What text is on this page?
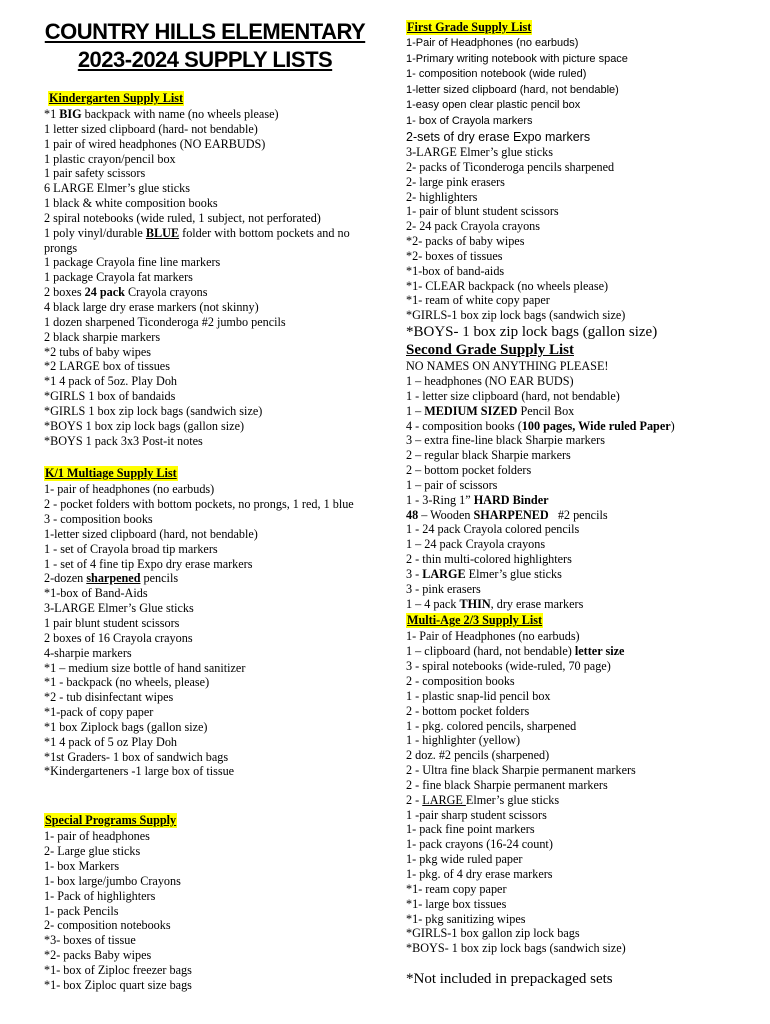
COUNTRY HILLS ELEMENTARY
2023-2024 SUPPLY LISTS
Kindergarten Supply List
*1 BIG backpack with name (no wheels please)
1 letter sized clipboard (hard- not bendable)
1 pair of wired headphones (NO EARBUDS)
1 plastic crayon/pencil box
1 pair safety scissors
6 LARGE Elmer’s glue sticks
1 black & white composition books
2 spiral notebooks (wide ruled, 1 subject, not perforated)
1 poly vinyl/durable BLUE folder with bottom pockets and no prongs
1 package Crayola fine line markers
1 package Crayola fat markers
2 boxes 24 pack Crayola crayons
4 black large dry erase markers (not skinny)
1 dozen sharpened Ticonderoga #2 jumbo pencils
2 black sharpie markers
*2 tubs of baby wipes
*2 LARGE box of tissues
*1 4 pack of 5oz. Play Doh
*GIRLS 1 box of bandaids
*GIRLS 1 box zip lock bags (sandwich size)
*BOYS 1 box zip lock bags (gallon size)
*BOYS 1 pack 3x3 Post-it notes
K/1 Multiage Supply List
1- pair of headphones (no earbuds)
2 - pocket folders with bottom pockets, no prongs, 1 red, 1 blue
3 - composition books
1-letter sized clipboard (hard, not bendable)
1 - set of Crayola broad tip markers
1 - set of 4 fine tip Expo dry erase markers
2-dozen sharpened pencils
*1-box of Band-Aids
3-LARGE Elmer’s Glue sticks
1 pair blunt student scissors
2 boxes of 16 Crayola crayons
4-sharpie markers
*1 – medium size bottle of hand sanitizer
*1 - backpack (no wheels, please)
*2 - tub disinfectant wipes
*1-pack of copy paper
*1 box Ziplock bags (gallon size)
*1 4 pack of 5 oz Play Doh
*1st Graders- 1 box of sandwich bags
*Kindergarteners -1 large box of tissue
Special Programs Supply
1- pair of headphones
2- Large glue sticks
1- box Markers
1- box large/jumbo Crayons
1- Pack of highlighters
1- pack Pencils
2- composition notebooks
*3- boxes of tissue
*2- packs Baby wipes
*1- box of Ziploc freezer bags
*1- box Ziploc quart size bags
First Grade Supply List
1-Pair of Headphones (no earbuds)
1-Primary writing notebook with picture space
1- composition notebook (wide ruled)
1-letter sized clipboard (hard, not bendable)
1-easy open clear plastic pencil box
1- box of Crayola markers
2-sets of dry erase Expo markers
3-LARGE Elmer’s glue sticks
2- packs of Ticonderoga pencils sharpened
2- large pink erasers
2- highlighters
1- pair of blunt student scissors
2- 24 pack Crayola crayons
*2- packs of baby wipes
*2- boxes of tissues
*1-box of band-aids
*1- CLEAR backpack (no wheels please)
*1- ream of white copy paper
*GIRLS-1 box zip lock bags (sandwich size)
*BOYS- 1 box zip lock bags (gallon size)
Second Grade Supply List
NO NAMES ON ANYTHING PLEASE!
1 – headphones (NO EAR BUDS)
1 - letter size clipboard (hard, not bendable)
1 – MEDIUM SIZED Pencil Box
4 - composition books (100 pages, Wide ruled Paper)
3 – extra fine-line black Sharpie markers
2 – regular black Sharpie markers
2 – bottom pocket folders
1 – pair of scissors
1 - 3-Ring 1” HARD Binder
48 – Wooden SHARPENED   #2 pencils
1 - 24 pack Crayola colored pencils
1 – 24 pack Crayola crayons
2 - thin multi-colored highlighters
3 - LARGE Elmer’s glue sticks
3 - pink erasers
1 – 4 pack THIN, dry erase markers
Multi-Age 2/3 Supply List
1- Pair of Headphones (no earbuds)
1 – clipboard (hard, not bendable) letter size
3 - spiral notebooks (wide-ruled, 70 page)
2 - composition books
1 - plastic snap-lid pencil box
2 - bottom pocket folders
1 - pkg. colored pencils, sharpened
1 - highlighter (yellow)
2 doz. #2 pencils (sharpened)
2 - Ultra fine black Sharpie permanent markers
2 - fine black Sharpie permanent markers
2 - LARGE Elmer’s glue sticks
1 -pair sharp student scissors
1- pack fine point markers
1- pack crayons (16-24 count)
1- pkg wide ruled paper
1- pkg. of 4 dry erase markers
*1- ream copy paper
*1- large box tissues
*1- pkg sanitizing wipes
*GIRLS-1 box gallon zip lock bags
*BOYS- 1 box zip lock bags (sandwich size)
*Not included in prepackaged sets
